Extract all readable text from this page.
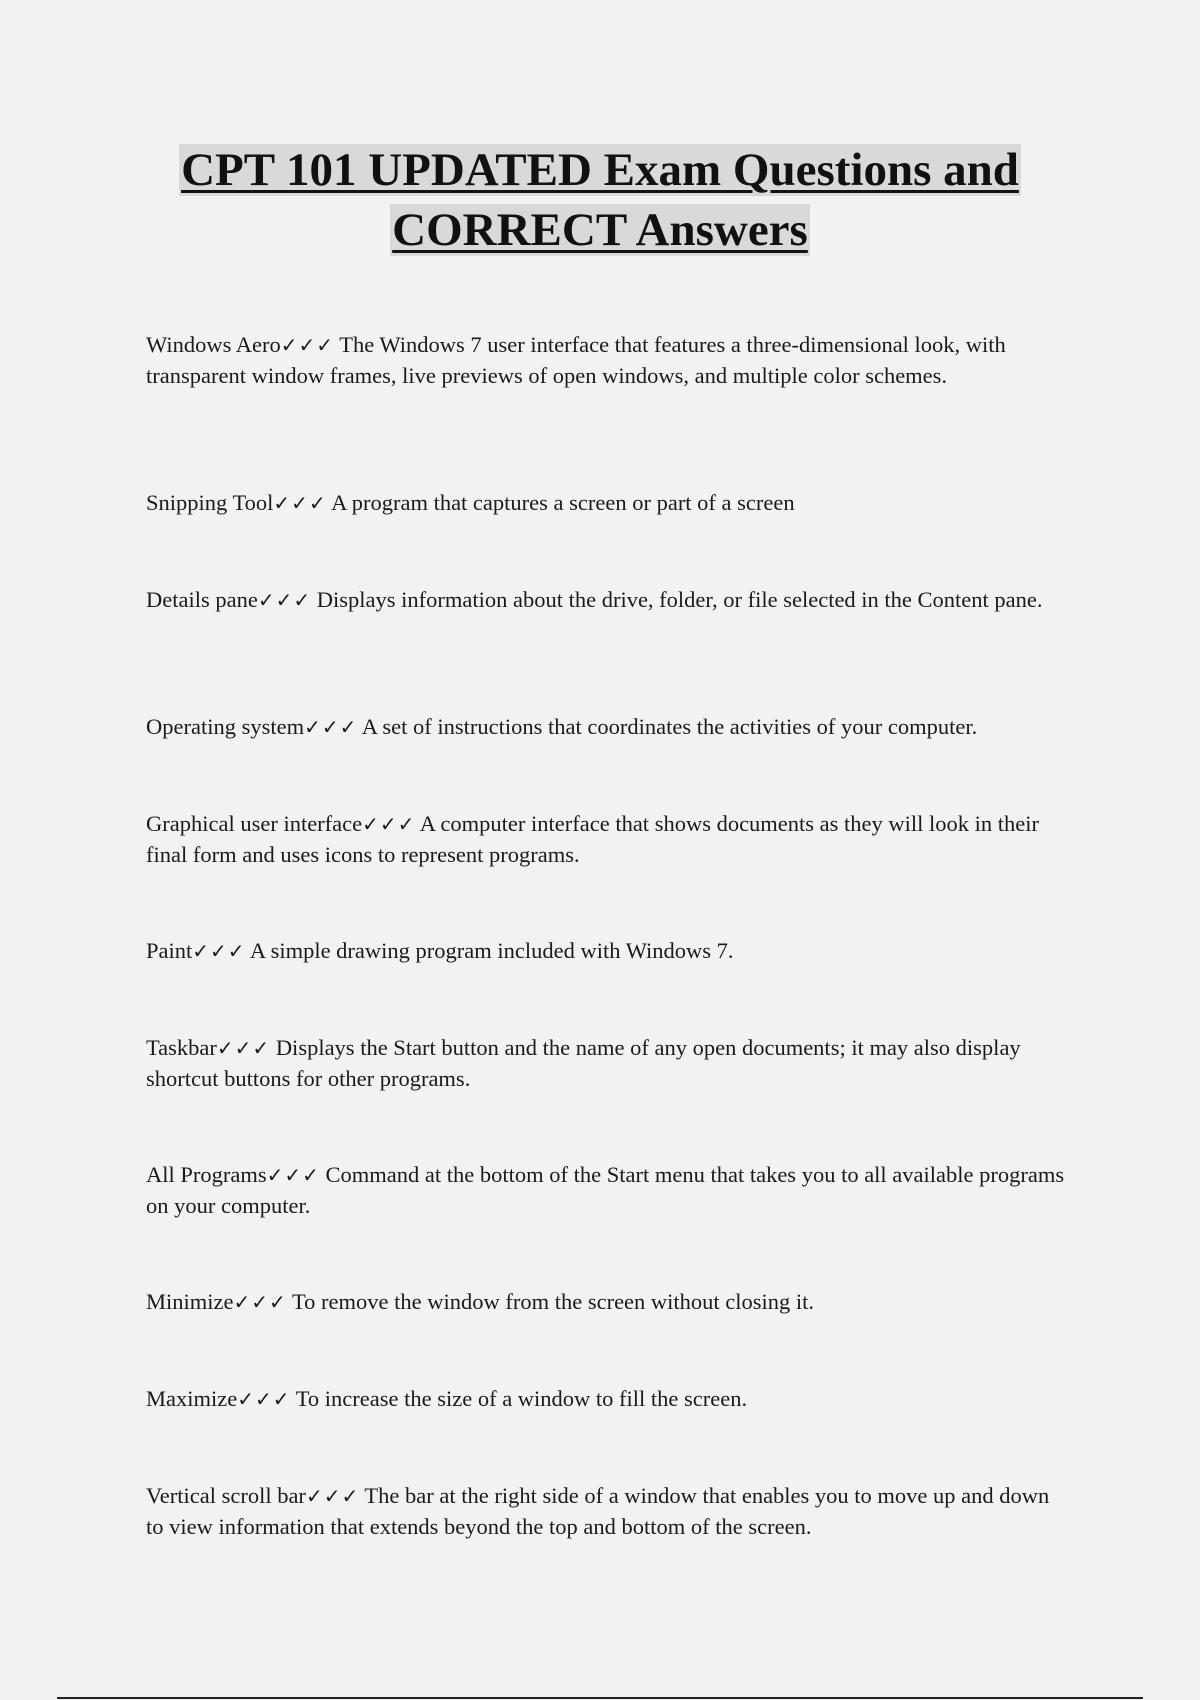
CPT 101 UPDATED Exam Questions and
CORRECT Answers
Windows Aero✓✓✓ The Windows 7 user interface that features a three-dimensional look, with transparent window frames, live previews of open windows, and multiple color schemes.
Snipping Tool✓✓✓ A program that captures a screen or part of a screen
Details pane✓✓✓ Displays information about the drive, folder, or file selected in the Content pane.
Operating system✓✓✓ A set of instructions that coordinates the activities of your computer.
Graphical user interface✓✓✓ A computer interface that shows documents as they will look in their final form and uses icons to represent programs.
Paint✓✓✓ A simple drawing program included with Windows 7.
Taskbar✓✓✓ Displays the Start button and the name of any open documents; it may also display shortcut buttons for other programs.
All Programs✓✓✓ Command at the bottom of the Start menu that takes you to all available programs on your computer.
Minimize✓✓✓ To remove the window from the screen without closing it.
Maximize✓✓✓ To increase the size of a window to fill the screen.
Vertical scroll bar✓✓✓ The bar at the right side of a window that enables you to move up and down to view information that extends beyond the top and bottom of the screen.
